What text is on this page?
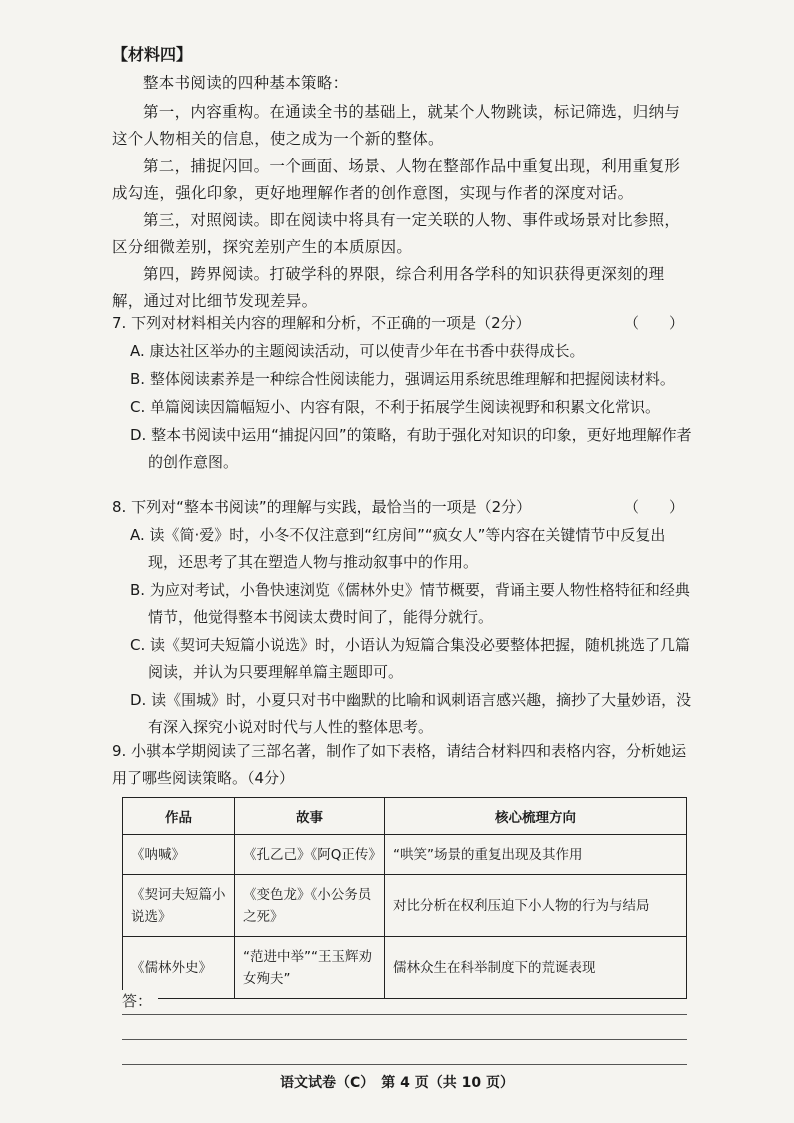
【材料四】

整本书阅读的四种基本策略：

第一，内容重构。在通读全书的基础上，就某个人物跳读，标记筛选，归纳与这个人物相关的信息，使之成为一个新的整体。

第二，捕捉闪回。一个画面、场景、人物在整部作品中重复出现，利用重复形成勾连，强化印象，更好地理解作者的创作意图，实现与作者的深度对话。

第三，对照阅读。即在阅读中将具有一定关联的人物、事件或场景对比参照，区分细微差别，探究差别产生的本质原因。

第四，跨界阅读。打破学科的界限，综合利用各学科的知识获得更深刻的理解，通过对比细节发现差异。

7. 下列对材料相关内容的理解和分析，不正确的一项是（2分）	（　　）
A. 康达社区举办的主题阅读活动，可以使青少年在书香中获得成长。
B. 整体阅读素养是一种综合性阅读能力，强调运用系统思维理解和把握阅读材料。
C. 单篇阅读因篇幅短小、内容有限，不利于拓展学生阅读视野和积累文化常识。
D. 整本书阅读中运用“捕捉闪回”的策略，有助于强化对知识的印象，更好地理解作者的创作意图。
8. 下列对“整本书阅读”的理解与实践，最恰当的一项是（2分）	（　　）
A. 读《简·爱》时，小冬不仅注意到“红房间”“疯女人”等内容在关键情节中反复出现，还思考了其在塑造人物与推动叙事中的作用。
B. 为应对考试，小鲁快速浏览《儒林外史》情节概要，背诵主要人物性格特征和经典情节，他觉得整本书阅读太费时间了，能得分就行。
C. 读《契诃夫短篇小说选》时，小语认为短篇合集没必要整体把握，随机挑选了几篇阅读，并认为只要理解单篇主题即可。
D. 读《围城》时，小夏只对书中幽默的比喻和讽刺语言感兴趣，摘抄了大量妙语，没有深入探究小说对时代与人性的整体思考。
9. 小骐本学期阅读了三部名著，制作了如下表格，请结合材料四和表格内容，分析她运用了哪些阅读策略。（4分）
作品	故事	核心梳理方向
《呐喊》	《孔乙己》《阿Q正传》	“哄笑”场景的重复出现及其作用
《契诃夫短篇小说选》	《变色龙》《小公务员之死》	对比分析在权利压迫下小人物的行为与结局
《儒林外史》	“范进中举”“王玉辉劝女殉夫”	儒林众生在科举制度下的荒诞表现
答：
语文试卷（C）　第 4 页（共 10 页）
